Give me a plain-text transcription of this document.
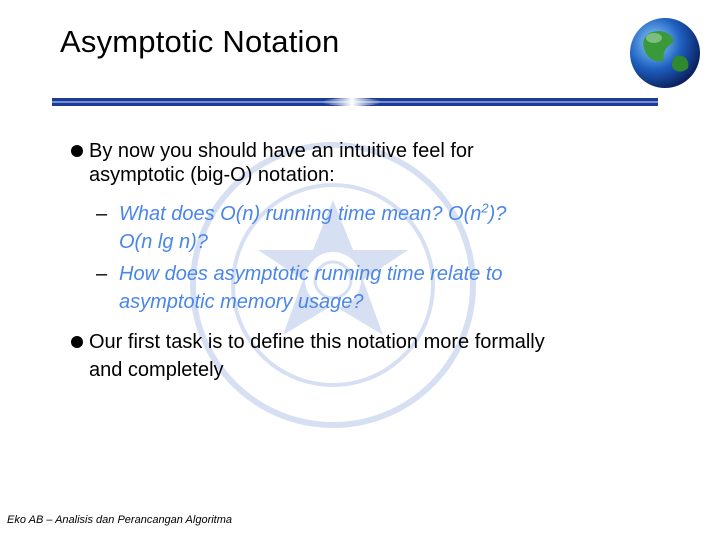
Asymptotic Notation
By now you should have an intuitive feel for
asymptotic (big-O) notation:
– What does O(n) running time mean? $O(n^2)$?
O(n lg n)?
– How does asymptotic running time relate to
asymptotic memory usage?
Our first task is to define this notation more formally
and completely
Eko AB – Analisis dan Perancangan Algoritma
